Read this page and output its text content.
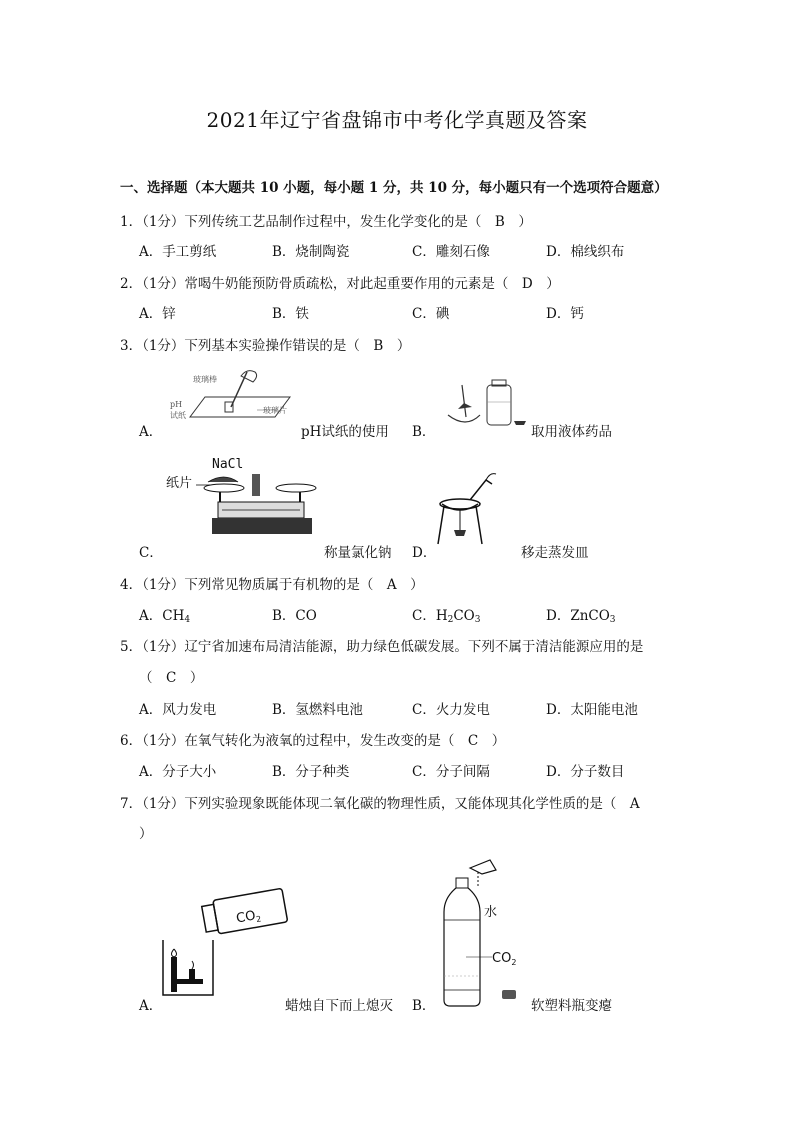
2021年辽宁省盘锦市中考化学真题及答案
一、选择题（本大题共 10 小题，每小题 1 分，共 10 分，每小题只有一个选项符合题意）
1．（1分）下列传统工艺品制作过程中，发生化学变化的是（　B　）
A．手工剪纸	B．烧制陶瓷	C．雕刻石像	D．棉线织布
2．（1分）常喝牛奶能预防骨质疏松，对此起重要作用的元素是（　D　）
A．锌	B．铁	C．碘	D．钙
3．（1分）下列基本实验操作错误的是（　B　）
A．
玻璃棒
pH
试纸
玻璃片
pH试纸的使用 B．	取用液体药品
NaCl
纸片
C．	称量氯化钠 D．	移走蒸发皿
4．（1分）下列常见物质属于有机物的是（　A　）
A．$CH_4$	B．CO	C．$H_2CO_3$	D．ZnCO$_3$
5．（1分）辽宁省加速布局清洁能源，助力绿色低碳发展。下列不属于清洁能源应用的是
（　C　）
A．风力发电	B．氢燃料电池	C．火力发电	D．太阳能电池
6．（1分）在氧气转化为液氧的过程中，发生改变的是（　C　）
A．分子大小	B．分子种类	C．分子间隔	D．分子数目
7．（1分）下列实验现象既能体现二氧化碳的物理性质，又能体现其化学性质的是（　A
）
$CO_2$
A．	蜡烛自下而上熄灭
$CO_2$
水
B．	软塑料瓶变瘪
